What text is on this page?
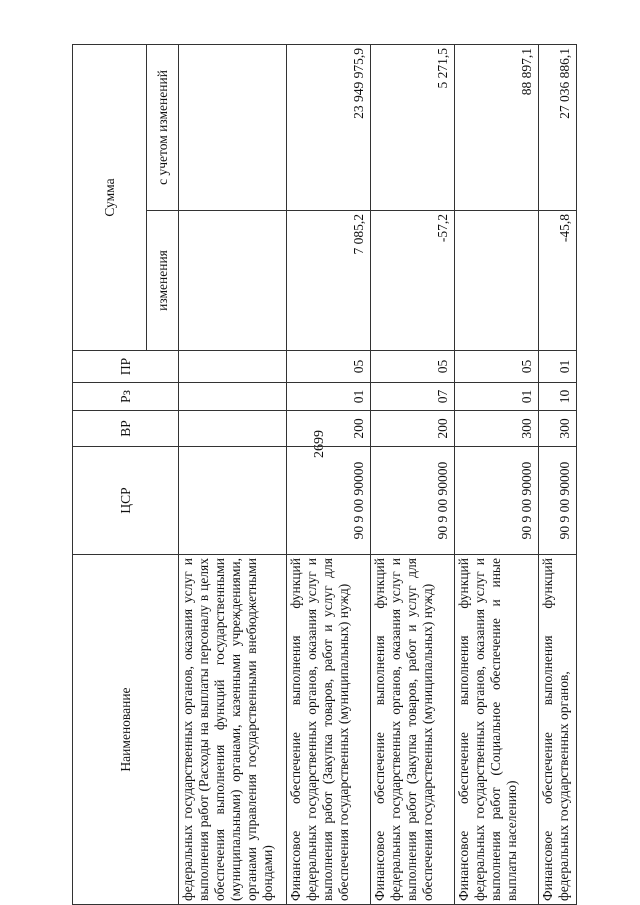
2699
Наименование	ЦСР	ВР	Рз	ПР	Сумма	
					изменения	с учетом изменений
федеральных государственных органов, оказания услуг и выполнения работ (Расходы на выплаты персоналу в целях обеспечения выполнения функций государственными (муниципальными) органами, казенными учреждениями, органами управления государственными внебюджетными фондами)						
Финансовое обеспечение выполнения функций федеральных государственных органов, оказания услуг и выполнения работ (Закупка товаров, работ и услуг для обеспечения государственных (муниципальных) нужд)	90 9 00 90000	200	01	05	7 085,2	23 949 975,9
Финансовое обеспечение выполнения функций федеральных государственных органов, оказания услуг и выполнения работ (Закупка товаров, работ и услуг для обеспечения государственных (муниципальных) нужд)	90 9 00 90000	200	07	05	-57,2	5 271,5
Финансовое обеспечение выполнения функций федеральных государственных органов, оказания услуг и выполнения работ (Социальное обеспечение и иные выплаты населению)	90 9 00 90000	300	01	05		88 897,1
Финансовое обеспечение выполнения функций федеральных государственных органов,	90 9 00 90000	300	10	01	-45,8	27 036 886,1
